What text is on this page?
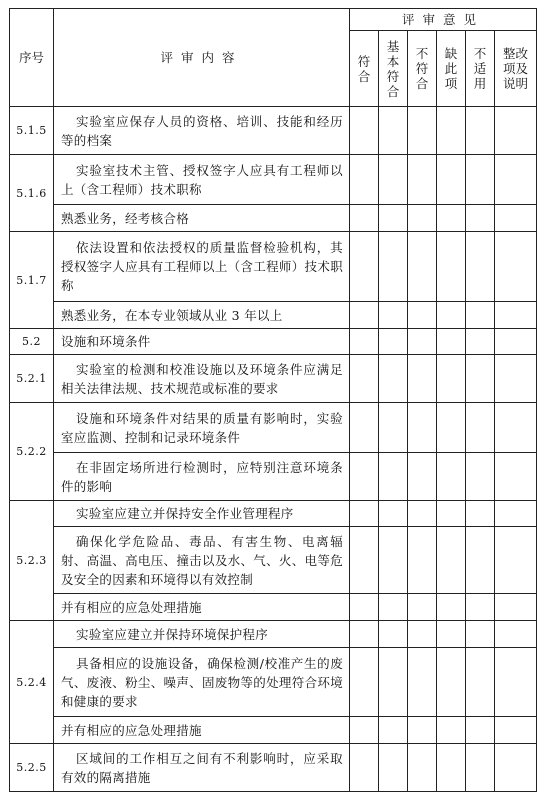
序号	评审内容	评审意见					
		符合	基本符合	不符合	缺此项	不适用	整改项及说明
5.1.5	实验室应保存人员的资格、培训、技能和经历等的档案						
5.1.6	实验室技术主管、授权签字人应具有工程师以上（含工程师）技术职称						
	熟悉业务，经考核合格						
5.1.7	依法设置和依法授权的质量监督检验机构，其授权签字人应具有工程师以上（含工程师）技术职称						
	熟悉业务，在本专业领域从业 3 年以上						
5.2	设施和环境条件						
5.2.1	实验室的检测和校准设施以及环境条件应满足相关法律法规、技术规范或标准的要求						
5.2.2	设施和环境条件对结果的质量有影响时，实验室应监测、控制和记录环境条件						
	在非固定场所进行检测时，应特别注意环境条件的影响						
5.2.3	实验室应建立并保持安全作业管理程序						
	确保化学危险品、毒品、有害生物、电离辐射、高温、高电压、撞击以及水、气、火、电等危及安全的因素和环境得以有效控制						
	并有相应的应急处理措施						
5.2.4	实验室应建立并保持环境保护程序						
	具备相应的设施设备，确保检测/校准产生的废气、废液、粉尘、噪声、固废物等的处理符合环境和健康的要求						
	并有相应的应急处理措施						
5.2.5	区域间的工作相互之间有不利影响时，应采取有效的隔离措施						
